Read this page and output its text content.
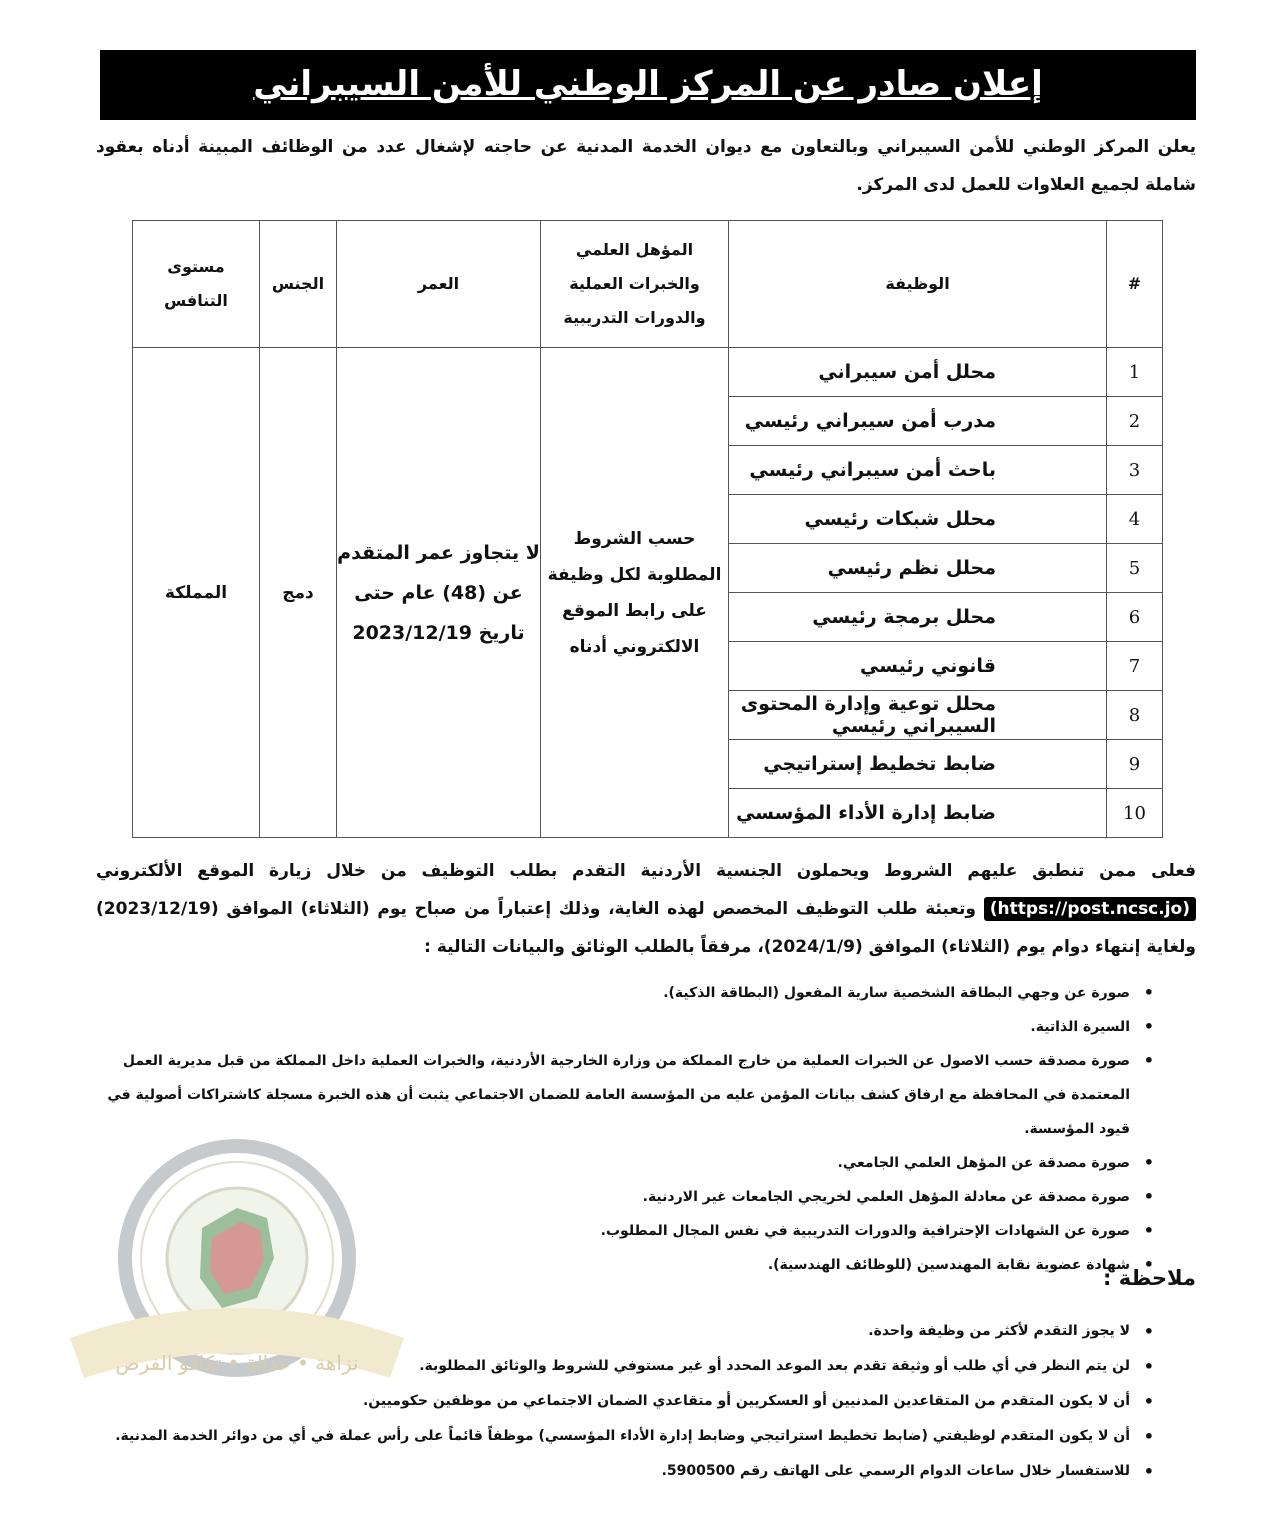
نزاهة • عدالة • تكافؤ الفرص
إعلان صادر عن المركز الوطني للأمن السيبراني
يعلن المركز الوطني للأمن السيبراني وبالتعاون مع ديوان الخدمة المدنية عن حاجته لإشغال عدد من الوظائف المبينة أدناه بعقود شاملة لجميع العلاوات للعمل لدى المركز.
#	الوظيفة	المؤهل العلمي والخبرات العملية والدورات التدريبية	العمر	الجنس	مستوى التنافس
1	محلل أمن سيبراني	حسب الشروط المطلوبة لكل وظيفة على رابط الموقع الالكتروني أدناه	لا يتجاوز عمر المتقدم عن (48) عام حتى تاريخ 2023/12/19	دمج	المملكة
2	مدرب أمن سيبراني رئيسي				
3	باحث أمن سيبراني رئيسي				
4	محلل شبكات رئيسي				
5	محلل نظم رئيسي				
6	محلل برمجة رئيسي				
7	قانوني رئيسي				
8	محلل توعية وإدارة المحتوى السيبراني رئيسي				
9	ضابط تخطيط إستراتيجي				
10	ضابط إدارة الأداء المؤسسي				
فعلى ممن تنطبق عليهم الشروط ويحملون الجنسية الأردنية التقدم بطلب التوظيف من خلال زيارة الموقع الألكتروني (https://post.ncsc.jo) وتعبئة طلب التوظيف المخصص لهذه الغاية، وذلك إعتباراً من صباح يوم (الثلاثاء) الموافق (2023/12/19) ولغاية إنتهاء دوام يوم (الثلاثاء) الموافق (2024/1/9)، مرفقاً بالطلب الوثائق والبيانات التالية :
• صورة عن وجهي البطاقة الشخصية سارية المفعول (البطاقة الذكية).
• السيرة الذاتية.
• صورة مصدقة حسب الاصول عن الخبرات العملية من خارج المملكة من وزارة الخارجية الأردنية، والخبرات العملية داخل المملكة من قبل مديرية العمل المعتمدة في المحافظة مع ارفاق كشف بيانات المؤمن عليه من المؤسسة العامة للضمان الاجتماعي يثبت أن هذه الخبرة مسجلة كاشتراكات أصولية في قيود المؤسسة.
• صورة مصدقة عن المؤهل العلمي الجامعي.
• صورة مصدقة عن معادلة المؤهل العلمي لخريجي الجامعات غير الاردنية.
• صورة عن الشهادات الإحترافية والدورات التدريبية في نفس المجال المطلوب.
• شهادة عضوية نقابة المهندسين (للوظائف الهندسية).
ملاحظة :
• لا يجوز التقدم لأكثر من وظيفة واحدة.
• لن يتم النظر في أي طلب أو وثيقة تقدم بعد الموعد المحدد أو غير مستوفي للشروط والوثائق المطلوبة.
• أن لا يكون المتقدم من المتقاعدين المدنيين أو العسكريين أو متقاعدي الضمان الاجتماعي من موظفين حكوميين.
• أن لا يكون المتقدم لوظيفتي (ضابط تخطيط استراتيجي وضابط إدارة الأداء المؤسسي) موظفاً قائماً على رأس عملة في أي من دوائر الخدمة المدنية.
• للاستفسار خلال ساعات الدوام الرسمي على الهاتف رقم 5900500.
